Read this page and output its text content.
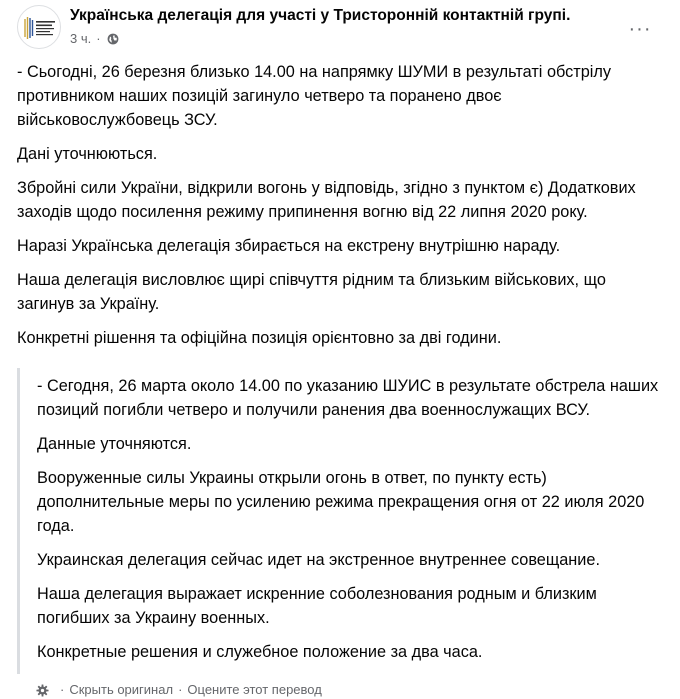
Українська делегація для участі у Тристоронній контактній групі.
3 ч. ·	···

- Сьогодні, 26 березня близько 14.00 на напрямку ШУМИ в результаті обстрілу противником наших позицій загинуло четверо та поранено двоє військовослужбовець ЗСУ.

Дані уточнюються.

Збройні сили України, відкрили вогонь у відповідь, згідно з пунктом є) Додаткових заходів щодо посилення режиму припинення вогню від 22 липня 2020 року.

Наразі Українська делегація збирається на екстрену внутрішню нараду.

Наша делегація висловлює щирі співчуття рідним та близьким військових, що загинув за Україну.

Конкретні рішення та офіційна позиція орієнтовно за дві години.

- Сегодня, 26 марта около 14.00 по указанию ШУИС в результате обстрела наших позиций погибли четверо и получили ранения два военнослужащих ВСУ.

Данные уточняются.

Вооруженные силы Украины открыли огонь в ответ, по пункту есть) дополнительные меры по усилению режима прекращения огня от 22 июля 2020 года.

Украинская делегация сейчас идет на экстренное внутреннее совещание.

Наша делегация выражает искренние соболезнования родным и близким погибших за Украину военных.

Конкретные решения и служебное положение за два часа.

· Скрыть оригинал · Оцените этот перевод
